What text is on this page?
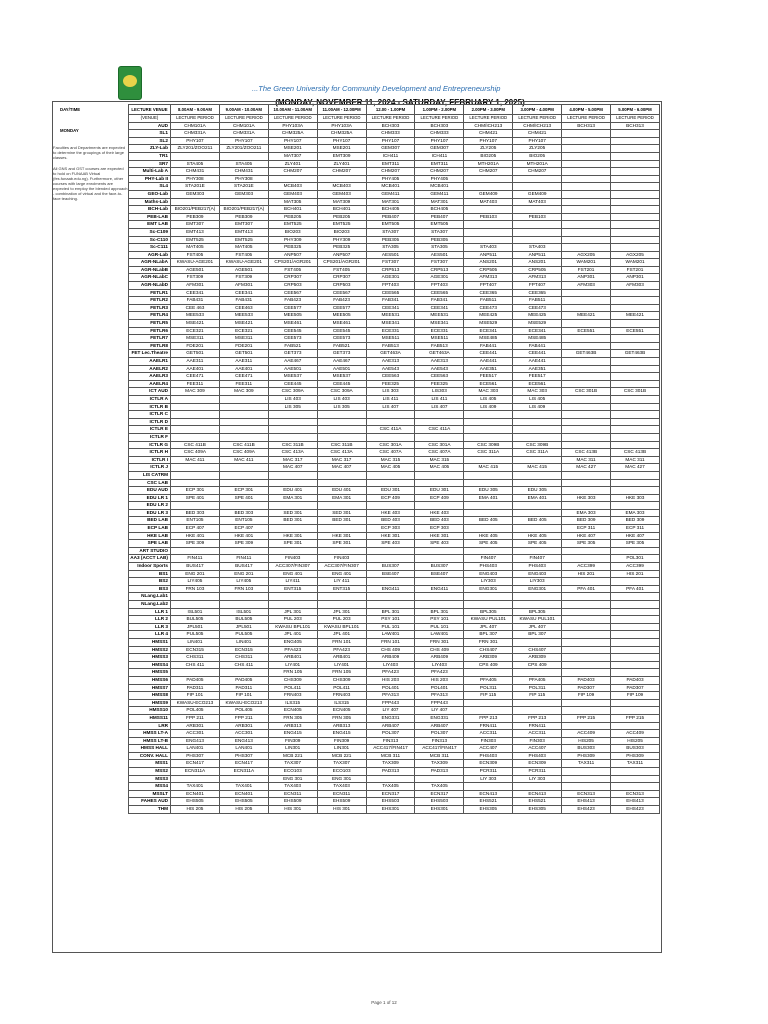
...The Green University for Community Development and Entrepreneurship
(MONDAY, NOVEMBER 11, 2024 - SATURDAY, FEBRUARY 1, 2025)

Faculties and Departments are expected to determine the groupings of their large classes.

All GNS and GST courses are expected to hold on FUNAAB Virtual (fes.funaab.edu.ng). Furthermore, other courses with large enrolments are expected to employ the blended approach - combination of virtual and the face-to-face teaching.

LECTURE VENUE	8.00AM - 9.00AM	9.00AM - 10.00AM	10.00AM - 11.00AM	11.00AM - 12.00PM	12.00 - 1.00PM	1.00PM - 2.00PM	2.00PM - 3.00PM	3.00PM - 4.00PM	4.00PM - 5.00PM	5.00PM - 6.00PM
(VENUE)	LECTURE PERIOD	LECTURE PERIOD	LECTURE PERIOD	LECTURE PERIOD	LECTURE PERIOD	LECTURE PERIOD	LECTURE PERIOD	LECTURE PERIOD	LECTURE PERIOD	LECTURE PERIOD
AUD	CHM101A	CHM101A	PHY103A	PHY103A	BCH303	BCH303	CHM/ICH213	CHM/ICH213	BCH313	BCH313
SL1	CHM331A	CHM331A	CHM325A	CHM325A	CHM333	CHM333	CHM421	CHM421		
SL2	PHY107	PHY107	PHY107	PHY107	PHY107	PHY107	PHY107	PHY107		
ZLY-Lab	ZLY201/ZOO211	ZLY201/ZOO211	MSE201	MSE201	GEM307	GEM307	ZLY205	ZLY205		
TR1			MAT307	EMT309	ICH411	ICH411	BIO205	BIO205		
SR7	STA405	STA405	ZLY401	ZLY401	EMT311	EMT311	MTH201A	MTH201A		
Multi-Lab A	CHM431	CHM431	CHM207	CHM207	CHM207	CHM207	CHM207	CHM207		
PHY-Lab II	PHY308	PHY308			PHY405	PHY405				
SL4	STA201E	STA201E	MCB403	MCB403	MCB401	MCB401				
GEO-Lab	GEM303	GEM303	GEM403	GEM403	GEM411	GEM411	GEM409	GEM409		
Maths-Lab			MAT305	MAT309	MAT301	MAT301	MAT403	MAT403		
BCH-Lab	BIO201/PEB217(A)	BIO201/PEB217(A)	BCH401	BCH401	BCH405	BCH405				
PEB-LAB	PEB309	PEB309	PEB205	PEB205	PEB407	PEB407	PEB103	PEB103		
EMT LAB	EMT307	EMT307	EMT525	EMT525	EMT505	EMT505				
Sc-C109	EMT413	EMT413	BIO203	BIO203	STA307	STA307				
Sc-C110	EMT525	EMT525	PHY309	PHY309	PEB305	PEB305				
Sc-C111	MAT405	MAT405	PEB325	PEB325	STA305	STA305	STA403	STA403		
AGR-Lab	FST405	FST405	ANP507	ANP507	AES501	AES501	ANP511	ANP511	AGX205	AGX205
AGR-NLabA	KWASU-AGE201	KWASU-AGE201	CPS201/AGR201	CPS201/AGR201	FST307	FST307	ANS201	ANS201	WAM201	WAM201
AGR-NLabB	AGE501	AGE501	FST405	FST405	CRP513	CRP513	CRP505	CRP505	FST201	FST201
AGR-NLabC	FST309	FST309	CRP307	CRP307	AGE301	AGE301	AFM313	AFM313	ANP301	ANP301
AGR-NLabD	AFM301	AFM301	CRP503	CRP503	FPT403	FPT403	FPT407	FPT407	AFM303	AFM303
FETLR1	CEE341	CEE341	CEE567	CEE567	CEE565	CEE565	CEE365	CEE365		
FETLR2	FAB431	FAB431	FAB423	FAB423	FAB341	FAB341	FAB511	FAB511		
FETLR3	CEE 463	CEE463	CEE577	CEE577	CEE341	CEE341	CEE473	CEE473		
FETLR4	MEE533	MEE533	MEE505	MEE505	MEE531	MEE531	MEE425	MEE425	MEE421	MEE421
FETLR5	MSE421	MSE421	MSE461	MSE461	MSE341	MSE341	MSE529	MSE529		
FETLR6	ECE321	ECE321	CEE545	CEE545	ECE331	ECE331	ECE341	ECE341	ECE551	ECE551
FETLR7	MSE311	MSE311	CEE573	CEE573	MSE511	MSE511	MSE485	MSE485		
FETLR8	FDE201	FDE201	FAB521	FAB521	FAB513	FAB513	FAB441	FAB441		
FET Lec.Theatre	GET501	GET501	GET373	GET373	GET463A	GET463A	CEE441	CEE441	GET463B	GET463B
AAELR1	AAE311	AAE311	AAE467	AAE467	AAE313	AAE313	AAE441	AAE441		
AAELR2	AAE401	AAE401	AAE501	AAE501	AAE543	AAE543	AAE351	AAE351		
AAELR3	CEE471	CEE471	MSE537	MSE537	CEE563	CEE563	FEE517	FEE517		
AAELR4	FEE311	FEE311	CEE445	CEE445	FEE325	FEE325	ECE561	ECE561		
ICT AUD	MAC 309	MAC 309	CSC 309A	CSC 309A	LIS 303	LIS303	MAC 303	MAC 303	CSC 301B	CSC 301B
ICTLR A			LIS 403	LIS 403	LIS 411	LIS 411	LIS 405	LIS 405		
ICTLR B			LIS 305	LIS 305	LIS 407	LIS 407	LIS 409	LIS 409		
ICTLR C										
ICTLR D										
ICTLR E					CSC 411A	CSC 411A				
ICTLR F										
ICTLR G	CSC 411B	CSC 411B	CSC 311B	CSC 311B	CSC 301A	CSC 301A	CSC 309B	CSC 309B		
ICTLR H	CSC 409A	CSC 409A	CSC 413A	CSC 413A	CSC 407A	CSC 407A	CSC 311A	CSC 311A	CSC 413B	CSC 413B
ICTLR I	MAC 411	MAC 411	MAC 317	MAC 317	MAC 315	MAC 315			MAC 311	MAC 311
ICTLR J			MAC 407	MAC 407	MAC 405	MAC 405	MAC 415	MAC 415	MAC 427	MAC 427
LIS CATRM										
CSC LAB										
EDU AUD	ECP 301	ECP 301	EDU 401	EDU 401	EDU 301	EDU 301	EDU 305	EDU 305		
EDU LR 1	SPE 401	SPE 401	EMA 301	EMA 301	ECP 409	ECP 409	EMA 401	EMA 401	HKE 303	HKE 303
EDU LR 2										
EDU LR 3	BED 303	BED 303	SED 301	SED 301	HKE 403	HKE 403			EMA 303	EMA 303
BED LAB	ENT105	ENT105	BED 301	BED 301	BED 403	BED 403	BED 405	BED 405	BED 309	BED 309
ECP LAB	ECP 407	ECP 407			ECP 303	ECP 303			ECP 311	ECP 311
HKE LAB	HKE 401	HKE 401	HKE 301	HKE 301	HKE 301	HKE 301	HKE 405	HKE 405	HKE 407	HKE 407
SPE LAB	SPE 309	SPE 309	SPE 301	SPE 301	SPE 403	SPE 403	SPE 405	SPE 405	SPE 305	SPE 305
ART STUDIO										
AA3 (ACCT LAB)	FIN411	FIN411	FIN403	FIN403			FIN407	FIN407		POL301
Indoor Sports	BUS417	BUS417	ACC307/FIN307	ACC307/FIN307	BUS307	BUS307	PHS403	PHS403	ACC399	ACC399
BS1	ENG 201	ENG 201	ENG 401	ENG 401	BSE407	BSE407	ENG403	ENG403	HIS 201	HIS 201
BS2	LIY405	LIY405	LIY411	LIY 411			LIY303	LIY303		
BS3	FRN 103	FRN 103	ENT315	ENT315	ENG411	ENG411	ENG301	ENG301	PFA 401	PFA 401
NLang.Lab1										
NLang.Lab2										
LLR 1	ISL501	ISL501	JPL 301	JPL 301	BPL 301	BPL 301	BPL305	BPL305		
LLR 2	BUL505	BUL505	PUL 203	PUL 203	PSY 101	PSY 101	KWASU PUL101	KWASU PUL101		
LLR 3	JPL501	JPL501	KWASU BPL101	KWASU BPL101	PUL 101	PUL 101	JPL 407	JPL 407		
LLR 4	PUL505	PUL505	JPL 401	JPL 401	LAW401	LAW401	BPL 307	BPL 307		
HMSS1	LIN401	LIN401	ENG405	FRN 101	FRN 101	FRN 301	FRN 301			
HMSS2	ECN315	ECN315	PFA423	PFA423	CHS 409	CHS 409	CHS407	CHS407		
HMSS3	CHS311	CHS311	ARB401	ARB401	ARB409	ARB409	ARB309	ARB309		
HMSS4	CHS 411	CHS 411	LIY401	LIY401	LIY403	LIY403	CPS 409	CPS 409		
HMSS5			FRN 105	FRN 105	PFA423	PFA423				
HMSS6	PAD405	PAD405	CHS309	CHS309	HIS 203	HIS 203	PFA405	PFA405	PAD403	PAD403
HMSS7	PAD311	PAD311	POL411	POL411	POL401	POL401	POL311	POL311	PAD307	PAD307
HMSS8	FIP 101	FIP 101	FRN403	FRN403	PFA313	PFA313	FIP 115	FIP 115	FIP 109	FIP 109
HMSS9	KWASU-ECO213	KWASU-ECO213	ILS315	ILS315	FPP443	FPP443				
HMSS10	POL405	POL405	ECN405	ECN405	LIY 407	LIY 407				
HMSS11	FPP 211	FPP 211	FRN 305	FRN 305	ENG331	ENG331	FPP 213	FPP 213	FPP 215	FPP 215
LRR	ARB301	ARB301	ARB313	ARB313	ARB407	ARB407	FRN411	FRN411		
HMSS LT-A	ACC301	ACC301	ENG415	ENG415	POL307	POL307	ACC311	ACC311	ACC409	ACC409
HMSS LT-B	ENG413	ENG413	FIN309	FIN309	FIN313	FIN313	FIN303	FIN303	HIS205	HIS205
HMSS HALL	LAN401	LAN401	LIN301	LIN301	ACC417/FIN417	ACC417/FIN417	ACC407	ACC407	BUS303	BUS303
CONV. HALL	PHS307	PHS307	MCB 221	MCB 221	MCB 311	MCB 311	PHS403	PHS403	PHS309	PHS309
MSS1	ECN417	ECN417	TAX307	TAX307	TAX309	TAX309	ECN309	ECN309	TAX311	TAX311
MSS2	ECN311A	ECN311A	ECO103	ECO103	PAD313	PAD313	PCR311	PCR311		
MSS3			ENG 301	ENG 301			LIY 303	LIY 303		
MSS4	TAX401	TAX401	TAX403	TAX403	TAX405	TAX405				
MSSLT	ECN401	ECN401	ECN311	ECN311	ECN317	ECN317	ECN413	ECN413	ECN313	ECN313
FAHES AUD	EHS505	EHS505	EHS509	EHS509	EHS503	EHS503	EHS521	EHS521	EHS413	EHS413
THM	HIS 205	HIS 205	HIS 301	HIS 301	EHS301	EHS301	EHS305	EHS305	EHS423	EHS423
Page 1 of 12
DAY/TIME
MONDAY
